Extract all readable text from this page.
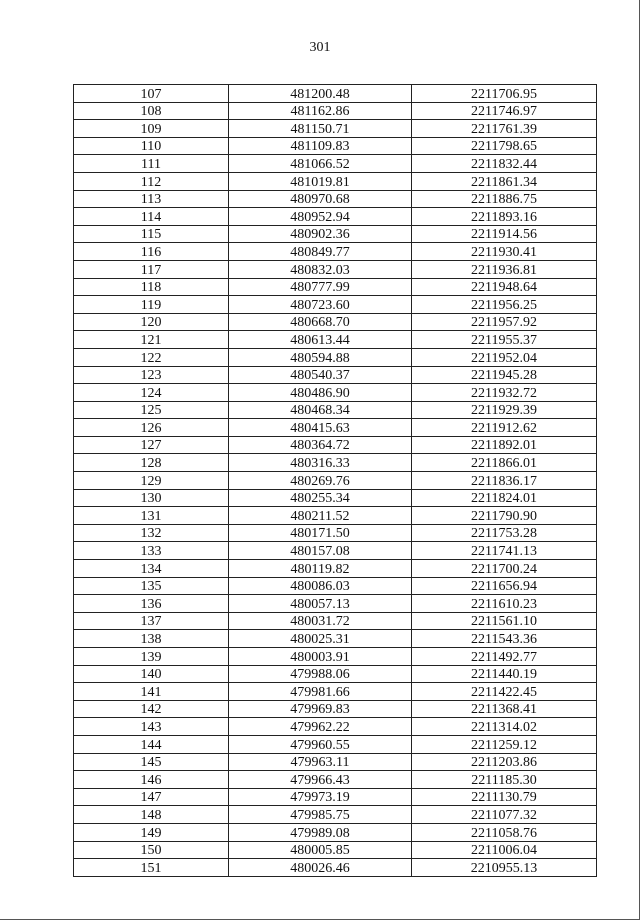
301
107	481200.48	2211706.95
108	481162.86	2211746.97
109	481150.71	2211761.39
110	481109.83	2211798.65
111	481066.52	2211832.44
112	481019.81	2211861.34
113	480970.68	2211886.75
114	480952.94	2211893.16
115	480902.36	2211914.56
116	480849.77	2211930.41
117	480832.03	2211936.81
118	480777.99	2211948.64
119	480723.60	2211956.25
120	480668.70	2211957.92
121	480613.44	2211955.37
122	480594.88	2211952.04
123	480540.37	2211945.28
124	480486.90	2211932.72
125	480468.34	2211929.39
126	480415.63	2211912.62
127	480364.72	2211892.01
128	480316.33	2211866.01
129	480269.76	2211836.17
130	480255.34	2211824.01
131	480211.52	2211790.90
132	480171.50	2211753.28
133	480157.08	2211741.13
134	480119.82	2211700.24
135	480086.03	2211656.94
136	480057.13	2211610.23
137	480031.72	2211561.10
138	480025.31	2211543.36
139	480003.91	2211492.77
140	479988.06	2211440.19
141	479981.66	2211422.45
142	479969.83	2211368.41
143	479962.22	2211314.02
144	479960.55	2211259.12
145	479963.11	2211203.86
146	479966.43	2211185.30
147	479973.19	2211130.79
148	479985.75	2211077.32
149	479989.08	2211058.76
150	480005.85	2211006.04
151	480026.46	2210955.13
